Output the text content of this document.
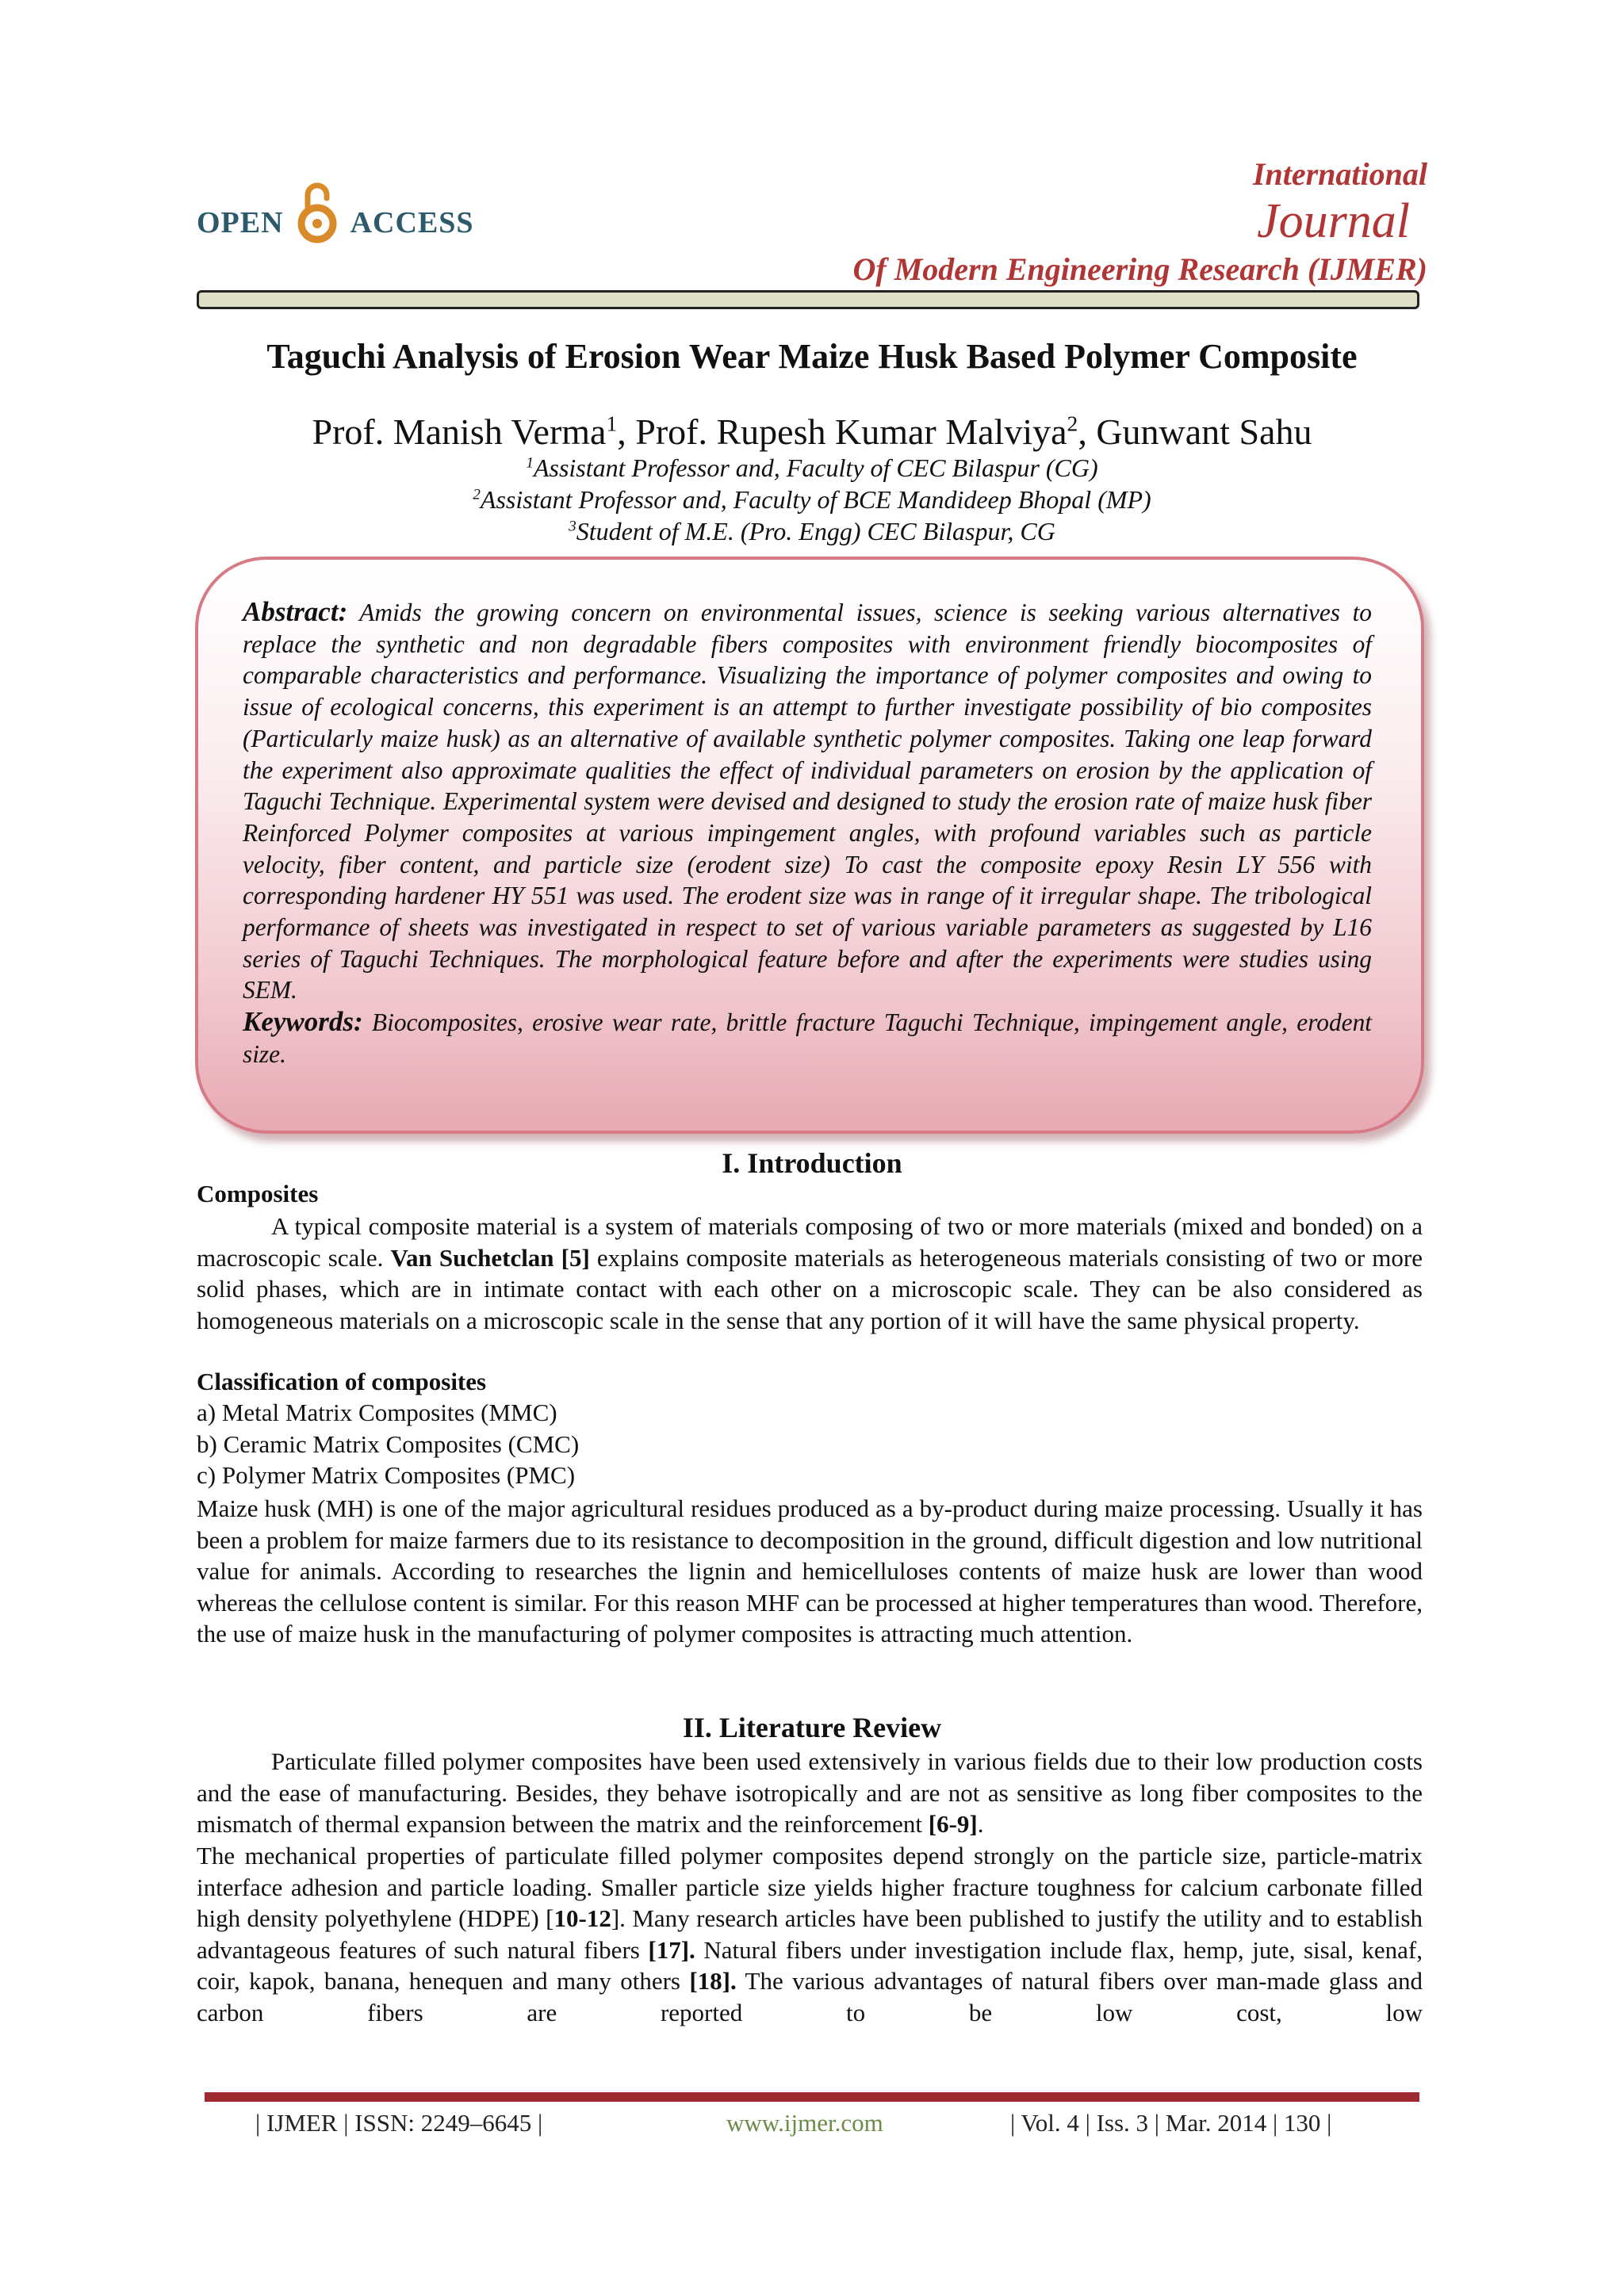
OPEN ACCESS
International
Journal
Of Modern Engineering Research (IJMER)
Taguchi Analysis of Erosion Wear Maize Husk Based Polymer Composite
Prof. Manish Verma$^1$, Prof. Rupesh Kumar Malviya$^2$, Gunwant Sahu
$^1$Assistant Professor and, Faculty of CEC Bilaspur (CG)
$^2$Assistant Professor and, Faculty of BCE Mandideep Bhopal (MP)
$^3$Student of M.E. (Pro. Engg) CEC Bilaspur, CG
Abstract: Amids the growing concern on environmental issues, science is seeking various alternatives to replace the synthetic and non degradable fibers composites with environment friendly biocomposites of comparable characteristics and performance. Visualizing the importance of polymer composites and owing to issue of ecological concerns, this experiment is an attempt to further investigate possibility of bio composites (Particularly maize husk) as an alternative of available synthetic polymer composites. Taking one leap forward the experiment also approximate qualities the effect of individual parameters on erosion by the application of Taguchi Technique. Experimental system were devised and designed to study the erosion rate of maize husk fiber Reinforced Polymer composites at various impingement angles, with profound variables such as particle velocity, fiber content, and particle size (erodent size) To cast the composite epoxy Resin LY 556 with corresponding hardener HY 551 was used. The erodent size was in range of it irregular shape. The tribological performance of sheets was investigated in respect to set of various variable parameters as suggested by L16 series of Taguchi Techniques. The morphological feature before and after the experiments were studies using SEM.
Keywords: Biocomposites, erosive wear rate, brittle fracture Taguchi Technique, impingement angle, erodent size.
I. Introduction
Composites
A typical composite material is a system of materials composing of two or more materials (mixed and bonded) on a macroscopic scale. Van Suchetclan [5] explains composite materials as heterogeneous materials consisting of two or more solid phases, which are in intimate contact with each other on a microscopic scale. They can be also considered as homogeneous materials on a microscopic scale in the sense that any portion of it will have the same physical property.
Classification of composites
a) Metal Matrix Composites (MMC)
b) Ceramic Matrix Composites (CMC)
c) Polymer Matrix Composites (PMC)
Maize husk (MH) is one of the major agricultural residues produced as a by-product during maize processing. Usually it has been a problem for maize farmers due to its resistance to decomposition in the ground, difficult digestion and low nutritional value for animals. According to researches the lignin and hemicelluloses contents of maize husk are lower than wood whereas the cellulose content is similar. For this reason MHF can be processed at higher temperatures than wood. Therefore, the use of maize husk in the manufacturing of polymer composites is attracting much attention.
II. Literature Review
Particulate filled polymer composites have been used extensively in various fields due to their low production costs and the ease of manufacturing. Besides, they behave isotropically and are not as sensitive as long fiber composites to the mismatch of thermal expansion between the matrix and the reinforcement [6-9].
The mechanical properties of particulate filled polymer composites depend strongly on the particle size, particle-matrix interface adhesion and particle loading. Smaller particle size yields higher fracture toughness for calcium carbonate filled high density polyethylene (HDPE) [10-12]. Many research articles have been published to justify the utility and to establish advantageous features of such natural fibers [17]. Natural fibers under investigation include flax, hemp, jute, sisal, kenaf, coir, kapok, banana, henequen and many others [18]. The various advantages of natural fibers over man-made glass and carbon fibers are reported to be low cost, low
| IJMER | ISSN: 2249–6645 |	www.ijmer.com	| Vol. 4 | Iss. 3 | Mar. 2014 | 130 |
